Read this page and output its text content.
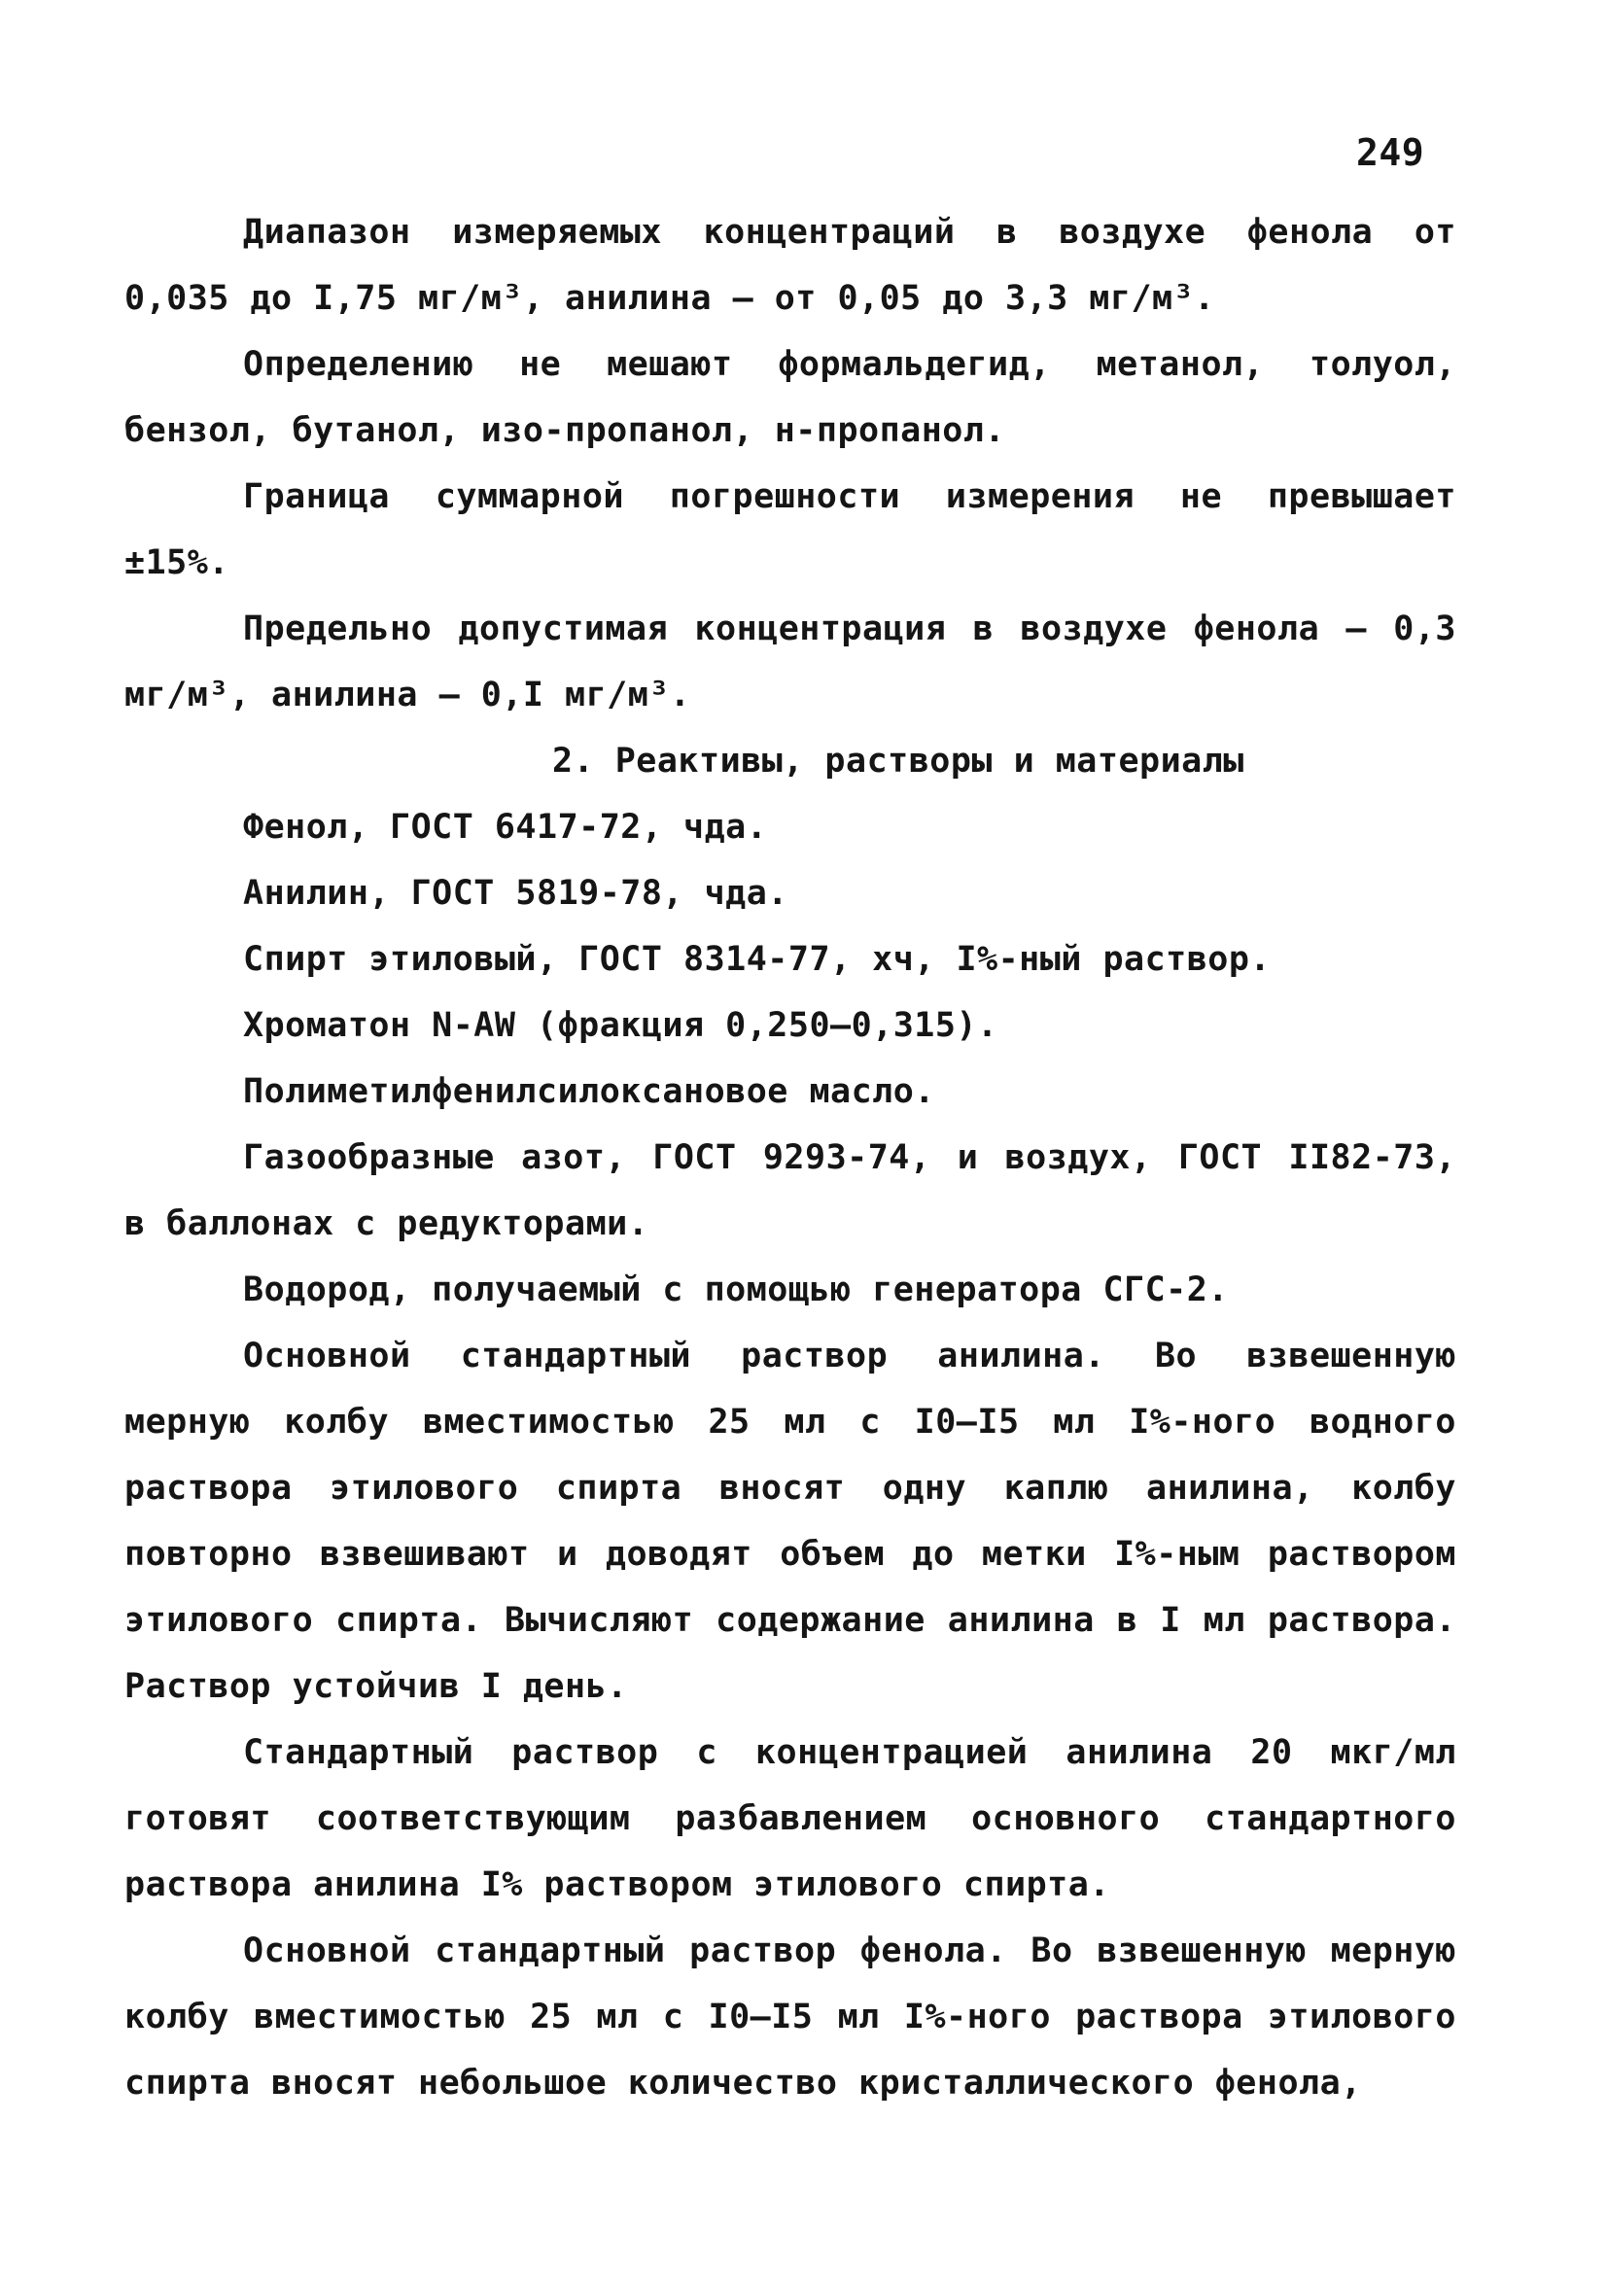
249

Диапазон измеряемых концентраций в воздухе фенола от 0,035 до I,75 мг/м³, анилина – от 0,05 до 3,3 мг/м³.

Определению не мешают формальдегид, метанол, толуол, бензол, бутанол, изо-пропанол, н-пропанол.

Граница суммарной погрешности измерения не превышает ±15%.

Предельно допустимая концентрация в воздухе фенола – 0,3 мг/м³, анилина – 0,I мг/м³.

2. Реактивы, растворы и материалы

Фенол, ГОСТ 6417-72, чда.

Анилин, ГОСТ 5819-78, чда.

Спирт этиловый, ГОСТ 8314-77, хч, I%-ный раствор.

Хроматон N-AW (фракция 0,250–0,315).

Полиметилфенилсилоксановое масло.

Газообразные азот, ГОСТ 9293-74, и воздух, ГОСТ II82-73, в баллонах с редукторами.

Водород, получаемый с помощью генератора СГС-2.

Основной стандартный раствор анилина. Во взвешенную мерную колбу вместимостью 25 мл с I0–I5 мл I%-ного водного раствора этилового спирта вносят одну каплю анилина, колбу повторно взвешивают и доводят объем до метки I%-ным раствором этилового спирта. Вычисляют содержание анилина в I мл раствора. Раствор устойчив I день.

Стандартный раствор с концентрацией анилина 20 мкг/мл готовят соответствующим разбавлением основного стандартного раствора анилина I% раствором этилового спирта.

Основной стандартный раствор фенола. Во взвешенную мерную колбу вместимостью 25 мл с I0–I5 мл I%-ного раствора этилового спирта вносят небольшое количество кристаллического фенола,
